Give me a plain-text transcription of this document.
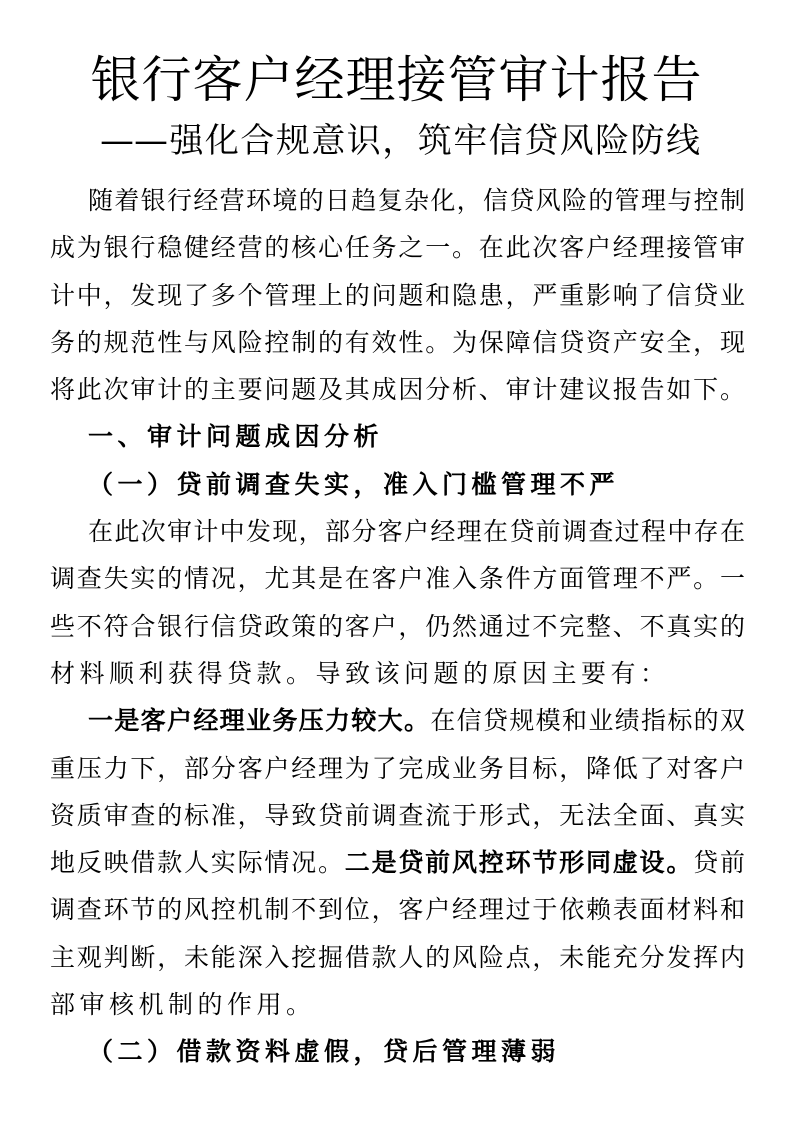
银行客户经理接管审计报告
——强化合规意识，筑牢信贷风险防线
随着银行经营环境的日趋复杂化，信贷风险的管理与控制
成为银行稳健经营的核心任务之一。在此次客户经理接管审
计中，发现了多个管理上的问题和隐患，严重影响了信贷业
务的规范性与风险控制的有效性。为保障信贷资产安全，现
将此次审计的主要问题及其成因分析、审计建议报告如下。
一、审计问题成因分析
（一）贷前调查失实，准入门槛管理不严
在此次审计中发现，部分客户经理在贷前调查过程中存在
调查失实的情况，尤其是在客户准入条件方面管理不严。一
些不符合银行信贷政策的客户，仍然通过不完整、不真实的
材料顺利获得贷款。导致该问题的原因主要有：
一是客户经理业务压力较大。在信贷规模和业绩指标的双
重压力下，部分客户经理为了完成业务目标，降低了对客户
资质审查的标准，导致贷前调查流于形式，无法全面、真实
地反映借款人实际情况。二是贷前风控环节形同虚设。贷前
调查环节的风控机制不到位，客户经理过于依赖表面材料和
主观判断，未能深入挖掘借款人的风险点，未能充分发挥内
部审核机制的作用。
（二）借款资料虚假，贷后管理薄弱
